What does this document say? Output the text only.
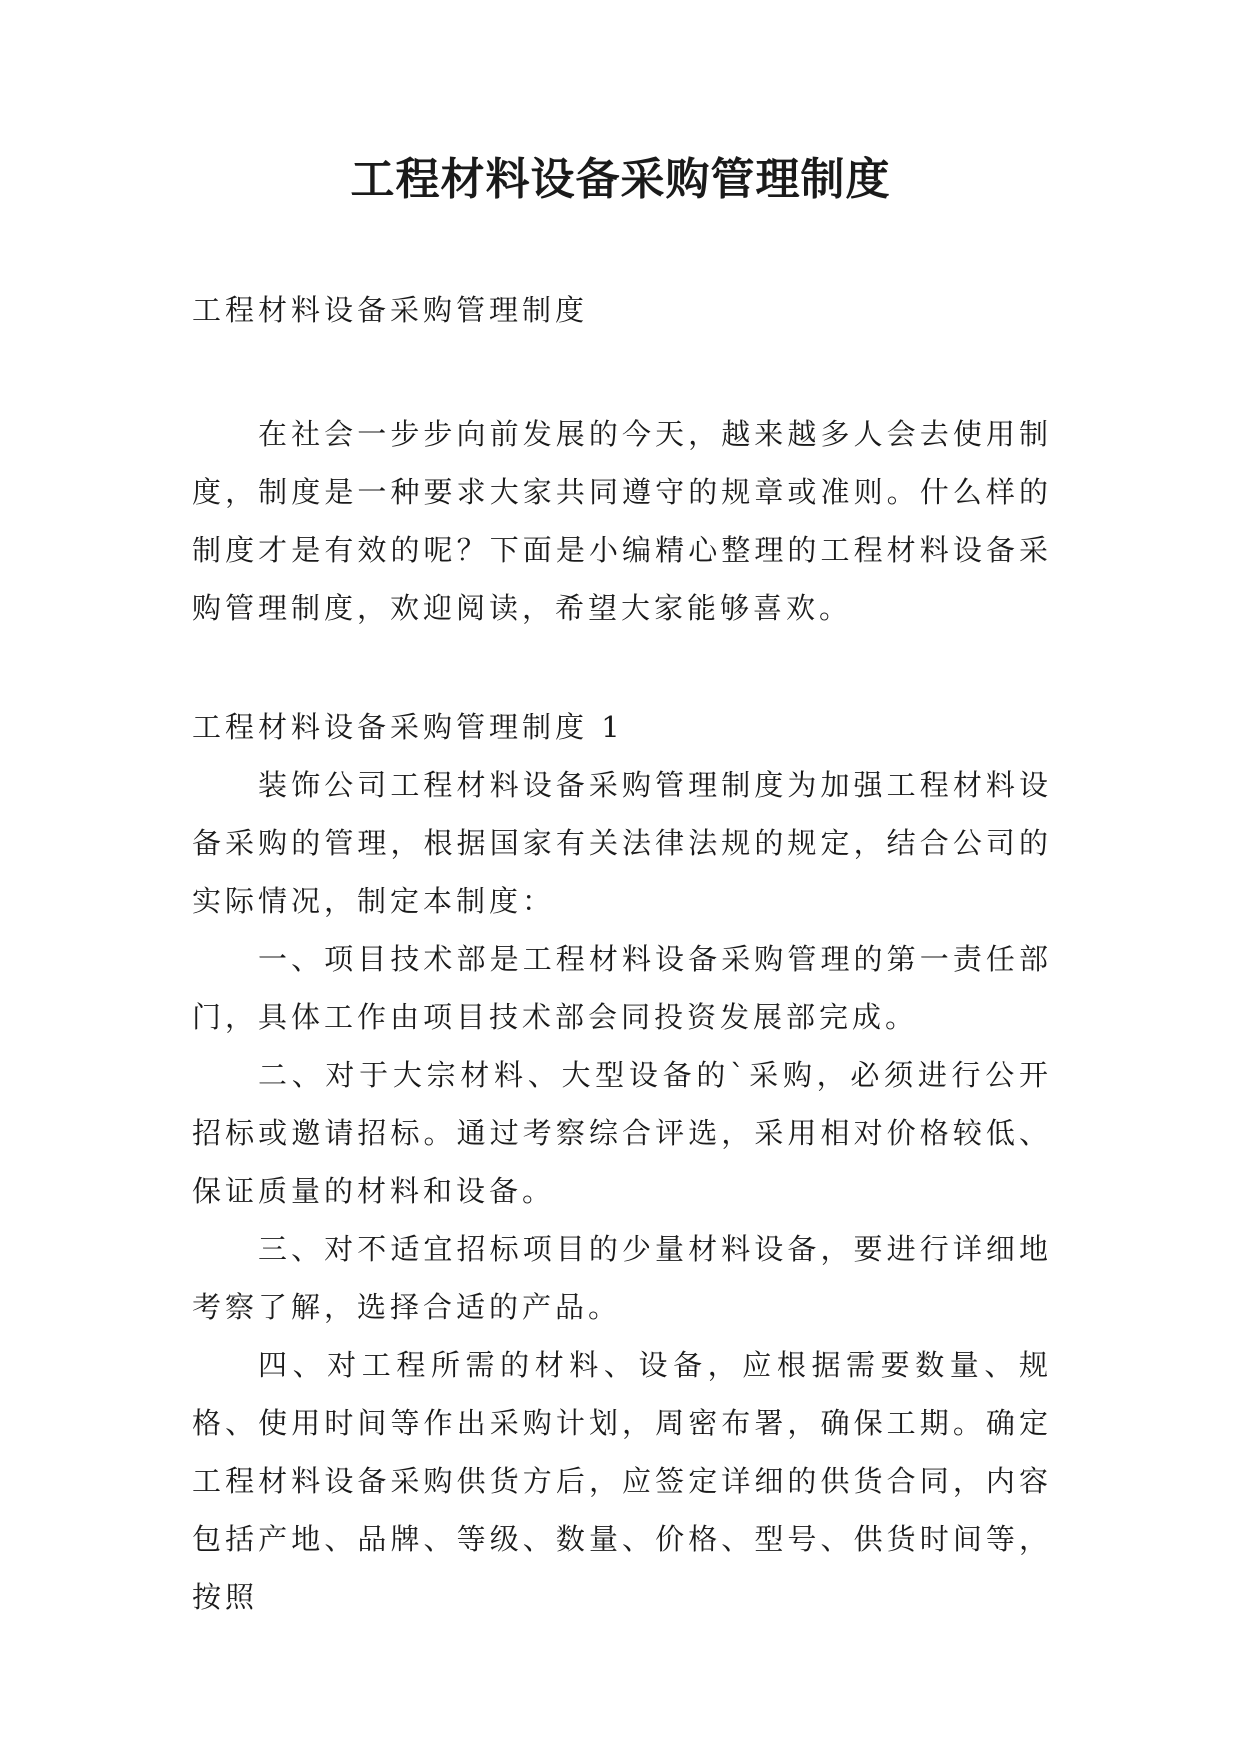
工程材料设备采购管理制度

工程材料设备采购管理制度

在社会一步步向前发展的今天，越来越多人会去使用制度，制度是一种要求大家共同遵守的规章或准则。什么样的制度才是有效的呢？下面是小编精心整理的工程材料设备采购管理制度，欢迎阅读，希望大家能够喜欢。

工程材料设备采购管理制度 1

装饰公司工程材料设备采购管理制度为加强工程材料设备采购的管理，根据国家有关法律法规的规定，结合公司的实际情况，制定本制度：

一、项目技术部是工程材料设备采购管理的第一责任部门，具体工作由项目技术部会同投资发展部完成。

二、对于大宗材料、大型设备的`采购，必须进行公开招标或邀请招标。通过考察综合评选，采用相对价格较低、保证质量的材料和设备。

三、对不适宜招标项目的少量材料设备，要进行详细地考察了解，选择合适的产品。

四、对工程所需的材料、设备，应根据需要数量、规格、使用时间等作出采购计划，周密布署，确保工期。确定工程材料设备采购供货方后，应签定详细的供货合同，内容包括产地、品牌、等级、数量、价格、型号、供货时间等，按照
